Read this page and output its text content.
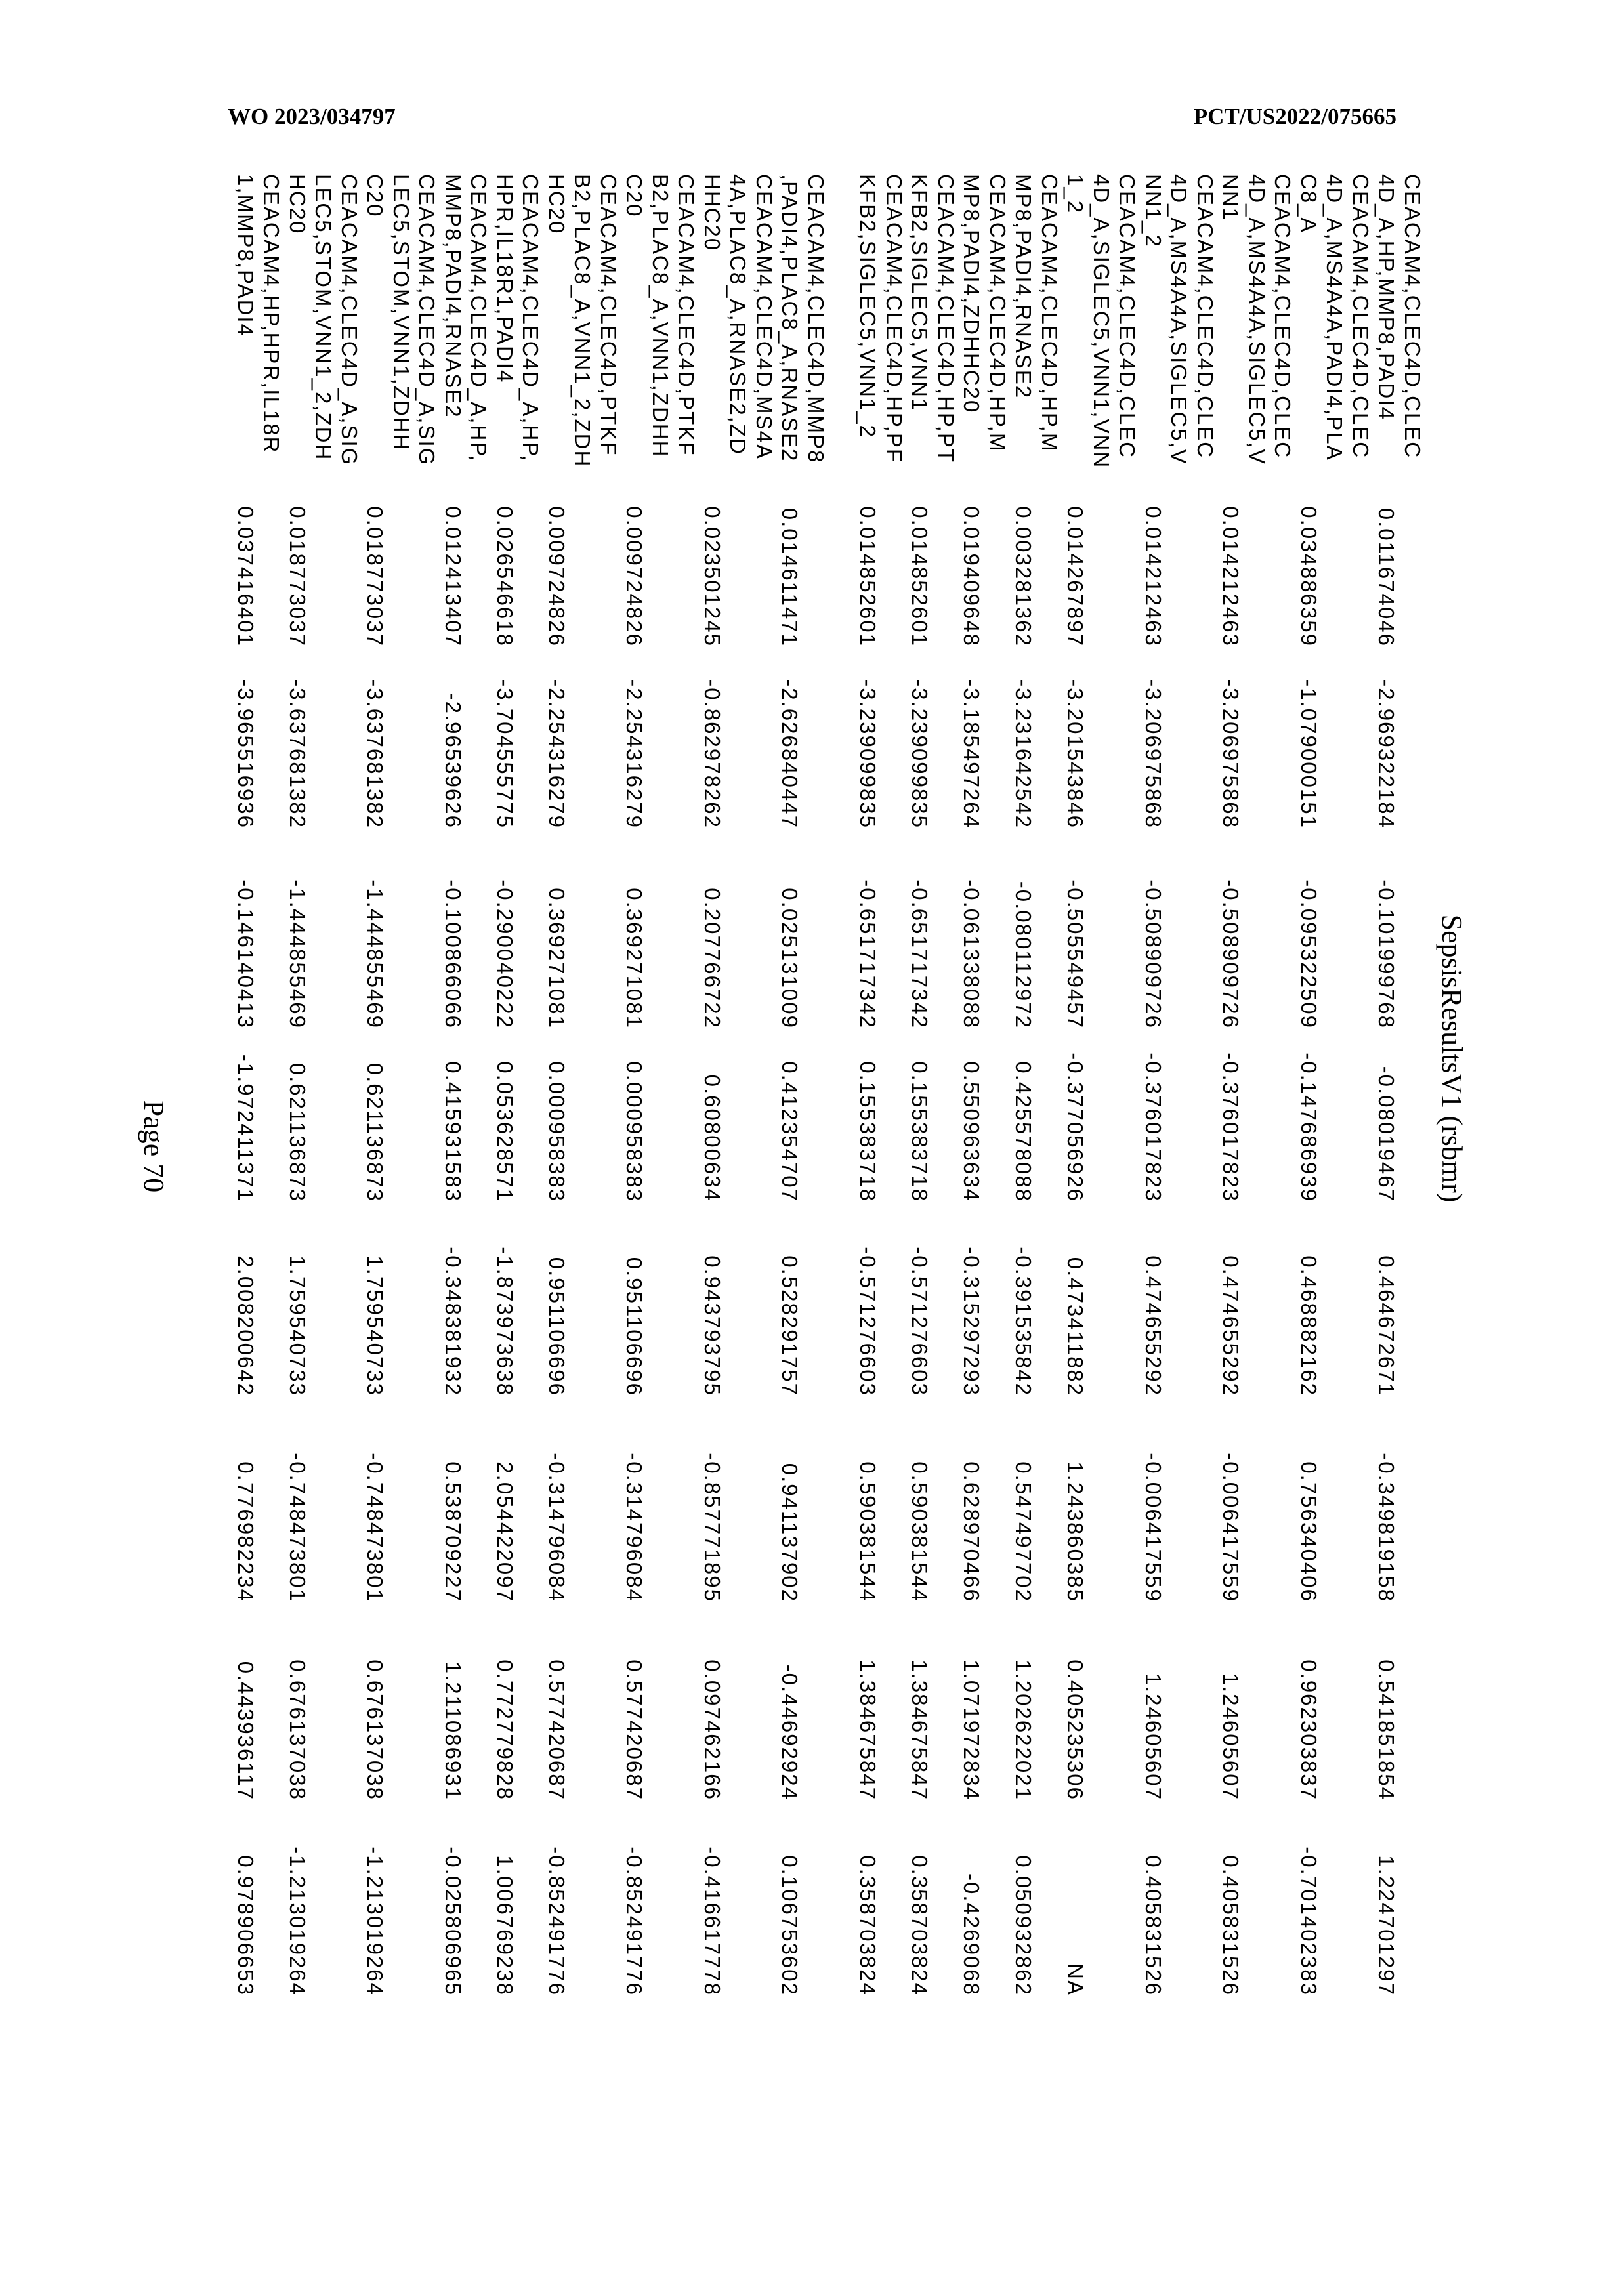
WO 2023/034797	PCT/US2022/075665
SepsisResultsV1 (rsbmr)
CEACAM4,CLEC4D,CLEC
4D_A,HP,MMP8,PADI4
0.011674046
-2.969322184
-0.101999768
-0.08019467
0.464672671
-0.349819158
0.541851854
1.224701297
CEACAM4,CLEC4D,CLEC
4D_A,MS4A4A,PADI4,PLA
C8_A
0.034886359
-1.079000151
-0.095322509
-0.147686939
0.468882162
0.756340406
0.962303837
-0.701402383
CEACAM4,CLEC4D,CLEC
4D_A,MS4A4A,SIGLEC5,V
NN1
0.014212463
-3.206975868
-0.508909726
-0.376017823
0.474655292
-0.006417559
1.24605607
0.405831526
CEACAM4,CLEC4D,CLEC
4D_A,MS4A4A,SIGLEC5,V
NN1_2
0.014212463
-3.206975868
-0.508909726
-0.376017823
0.474655292
-0.006417559
1.24605607
0.405831526
CEACAM4,CLEC4D,CLEC
4D_A,SIGLEC5,VNN1,VNN
1_2
0.014267897
-3.201543846
-0.505549457
-0.377056926
0.473411882
1.243860385
0.405235306
NA
CEACAM4,CLEC4D,HP,M
MP8,PADI4,RNASE2
0.003281362
-3.231642542
-0.080112972
0.425578088
-0.391535842
0.547497702
1.202622021
0.050932862
CEACAM4,CLEC4D,HP,M
MP8,PADI4,ZDHHC20
0.019409648
-3.185497264
-0.061338088
0.550963634
-0.315297293
0.628970466
1.071972834
-0.4269068
CEACAM4,CLEC4D,HP,PT
KFB2,SIGLEC5,VNN1
0.014852601
-3.239099835
-0.651717342
0.155383718
-0.571276603
0.590381544
1.384675847
0.358703824
CEACAM4,CLEC4D,HP,PF
KFB2,SIGLEC5,VNN1_2
0.014852601
-3.239099835
-0.651717342
0.155383718
-0.571276603
0.590381544
1.384675847
0.358703824
CEACAM4,CLEC4D,MMP8
,PADI4,PLAC8_A,RNASE2
0.014611471
-2.626840447
0.025131009
0.412354707
0.528291757
0.941137902
-0.44692924
0.106753602
CEACAM4,CLEC4D,MS4A
4A,PLAC8_A,RNASE2,ZD
HHC20
0.023501245
-0.862978262
0.207766722
0.60800634
0.943793795
-0.857771895
0.097462166
-0.416617778
CEACAM4,CLEC4D,PTKF
B2,PLAC8_A,VNN1,ZDHH
C20
0.009724826
-2.254316279
0.369271081
0.000958383
0.951106696
-0.314796084
0.577420687
-0.852491776
CEACAM4,CLEC4D,PTKF
B2,PLAC8_A,VNN1_2,ZDH
HC20
0.009724826
-2.254316279
0.369271081
0.000958383
0.951106696
-0.314796084
0.577420687
-0.852491776
CEACAM4,CLEC4D_A,HP,
HPR,IL18R1,PADI4
0.026546618
-3.704555775
-0.290040222
0.053628571
-1.873973638
2.054422097
0.772779828
1.006769238
CEACAM4,CLEC4D_A,HP,
MMP8,PADI4,RNASE2
0.012413407
-2.96539626
-0.100866066
0.415931583
-0.348381932
0.538709227
1.211086931
-0.025806965
CEACAM4,CLEC4D_A,SIG
LEC5,STOM,VNN1,ZDHH
C20
0.018773037
-3.637681382
-1.444855469
0.621136873
1.759540733
-0.748473801
0.676137038
-1.213019264
CEACAM4,CLEC4D_A,SIG
LEC5,STOM,VNN1_2,ZDH
HC20
0.018773037
-3.637681382
-1.444855469
0.621136873
1.759540733
-0.748473801
0.676137038
-1.213019264
CEACAM4,HP,HPR,IL18R
1,MMP8,PADI4
0.037416401
-3.965516936
-0.146140413
-1.972411371
2.008200642
0.776982234
0.443936117
0.978906653
Page 70
